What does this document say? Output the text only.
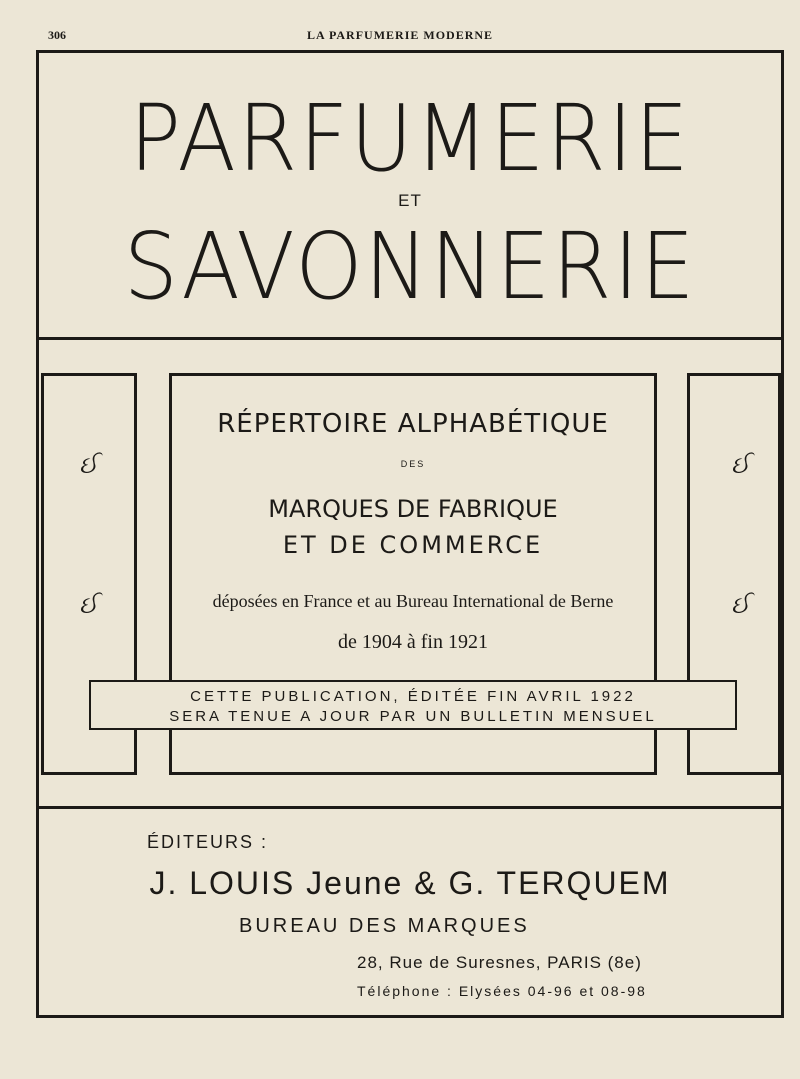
306	LA PARFUMERIE MODERNE
PARFUMERIE
ET
SAVONNERIE
ઈ
ઈ
ઈ
ઈ
RÉPERTOIRE ALPHABÉTIQUE
DES
MARQUES DE FABRIQUE
ET DE COMMERCE
déposées en France et au Bureau International de Berne
de 1904 à fin 1921
CETTE PUBLICATION, ÉDITÉE FIN AVRIL 1922
SERA TENUE A JOUR PAR UN BULLETIN MENSUEL
ÉDITEURS :
J. LOUIS Jeune & G. TERQUEM
BUREAU DES MARQUES
28, Rue de Suresnes, PARIS (8e)
Téléphone : Elysées 04-96 et 08-98
